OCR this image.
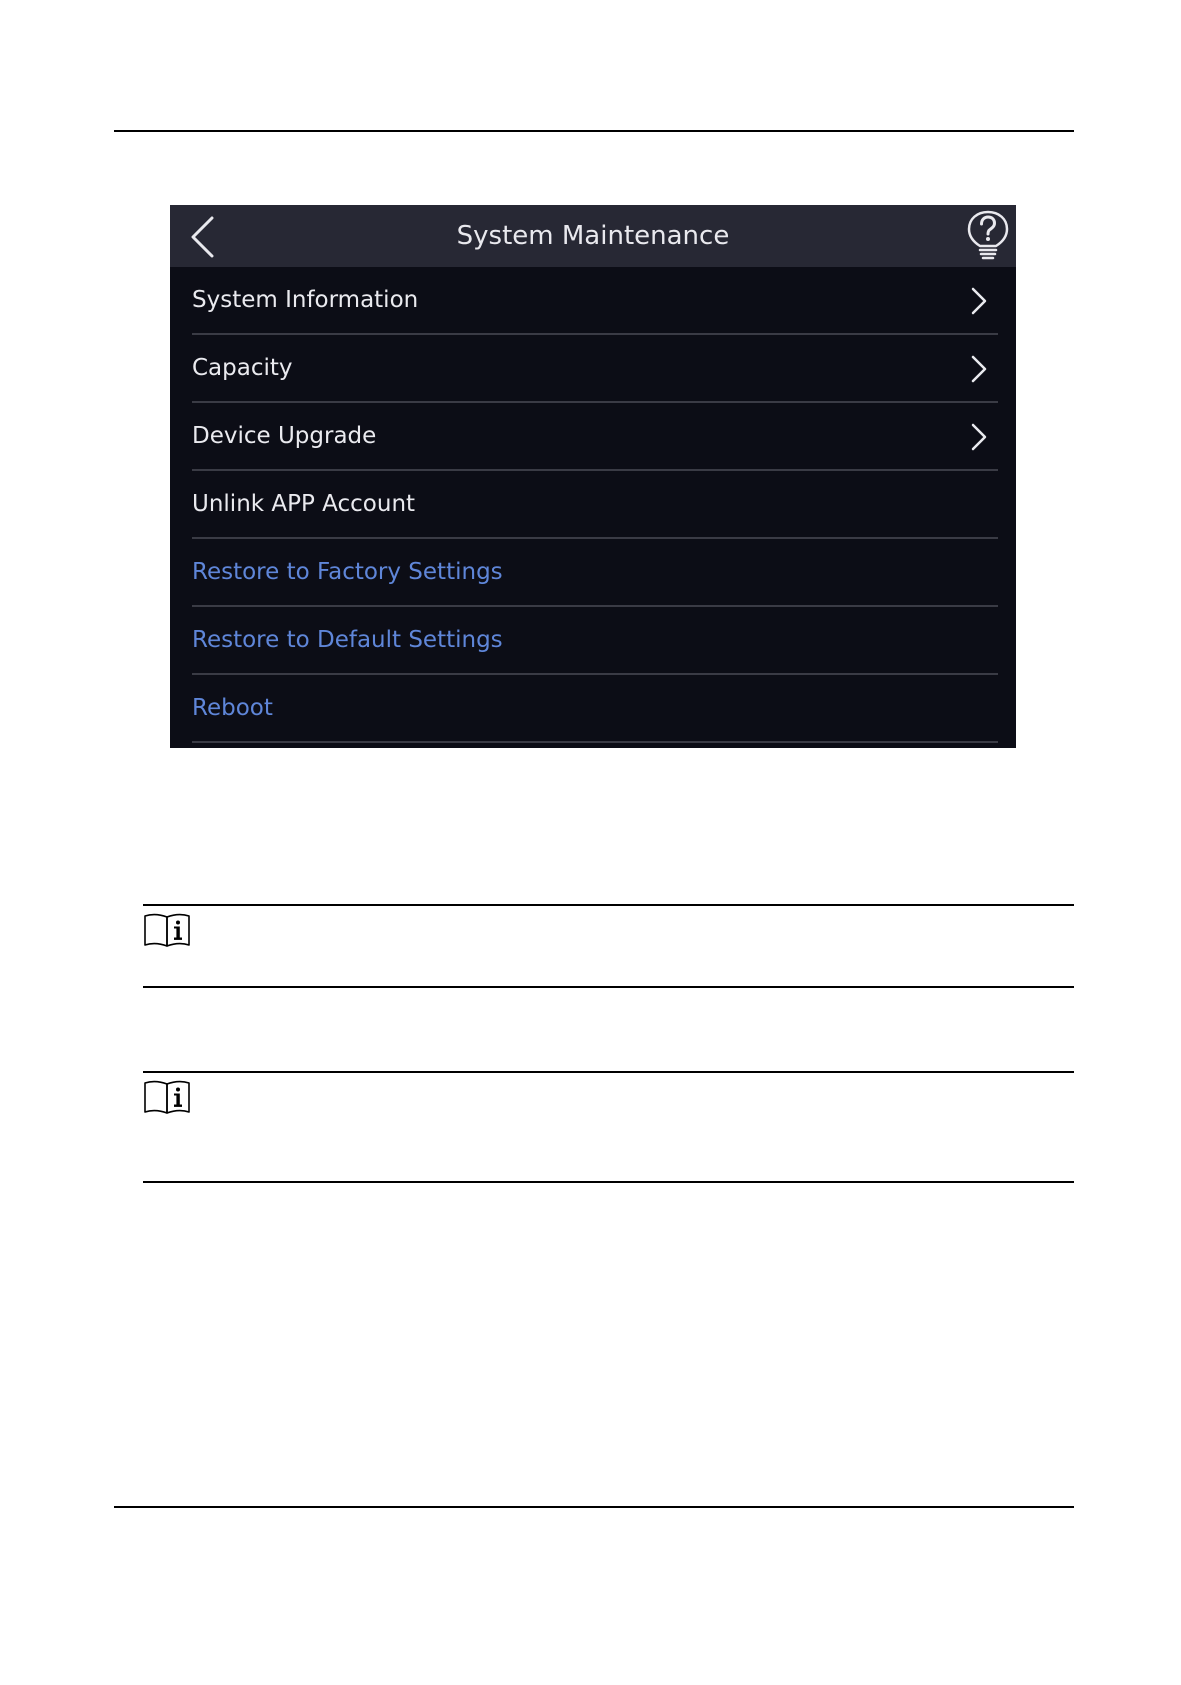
System Maintenance
System Information
Capacity
Device Upgrade
Unlink APP Account
Restore to Factory Settings
Restore to Default Settings
Reboot
